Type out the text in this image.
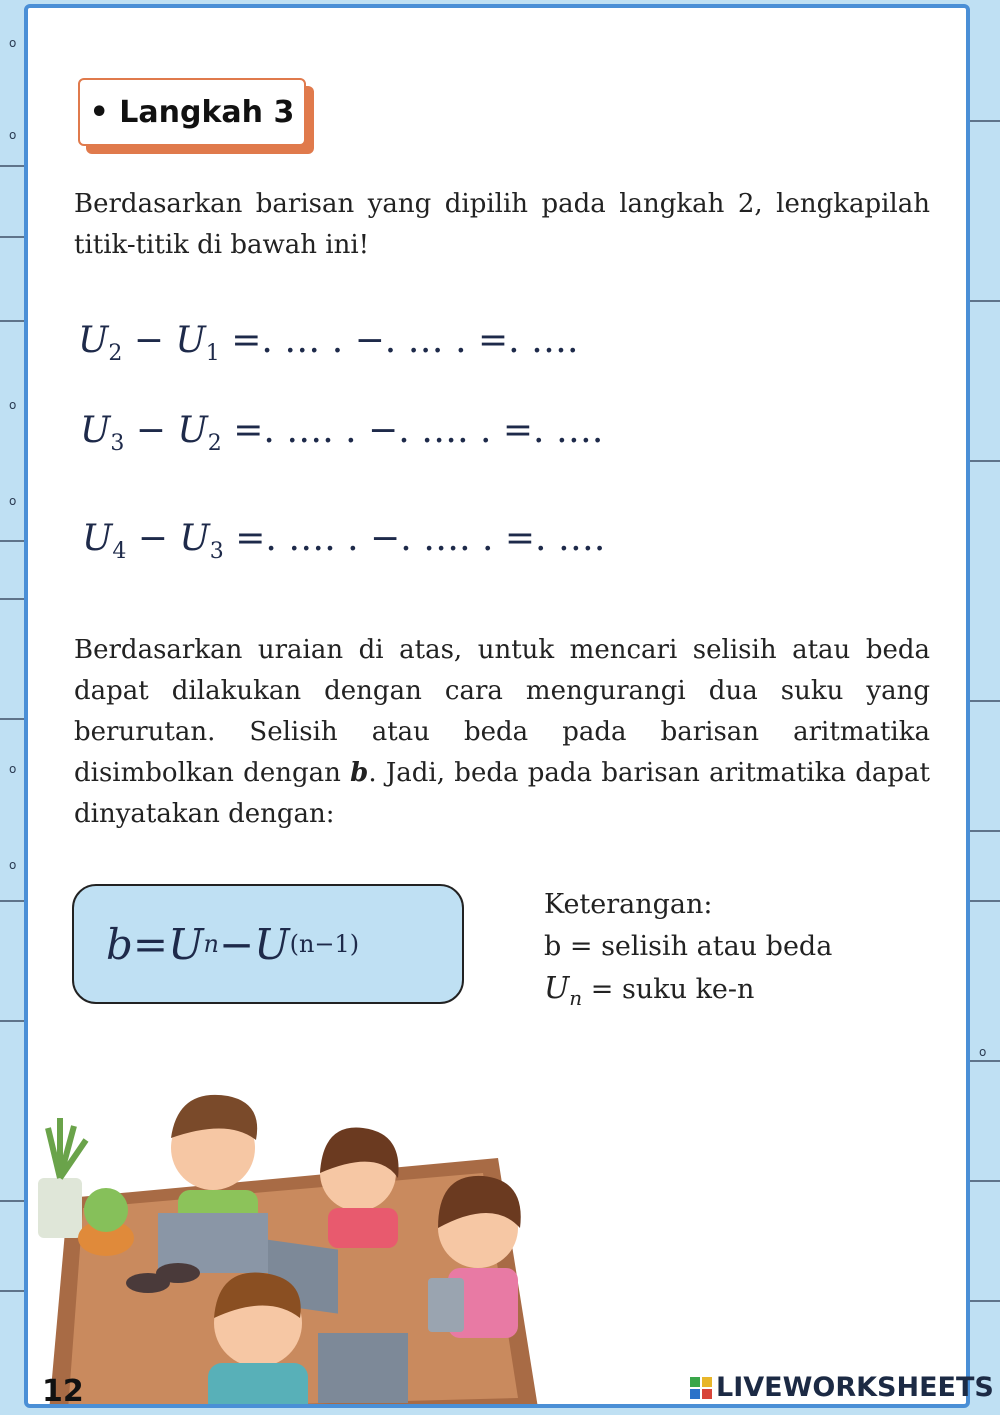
o
o
o
o
o
o
o
• Langkah 3
Berdasarkan barisan yang dipilih pada langkah 2, lengkapilah titik-titik di bawah ini!
$U_2 - U_1$ =. … . −. … . =. ….
$U_3 - U_2$ =. …. . −. …. . =. ….
$U_4 - U_3$ =. …. . −. …. . =. ….
Berdasarkan uraian di atas, untuk mencari selisih atau beda dapat dilakukan dengan cara mengurangi dua suku yang berurutan. Selisih atau beda pada barisan aritmatika disimbolkan dengan b. Jadi, beda pada barisan aritmatika dapat dinyatakan dengan:
b = U n − U (n−1)
Keterangan:
b = selisih atau beda
$U_n$ = suku ke-n
12	LIVEWORKSHEETS
